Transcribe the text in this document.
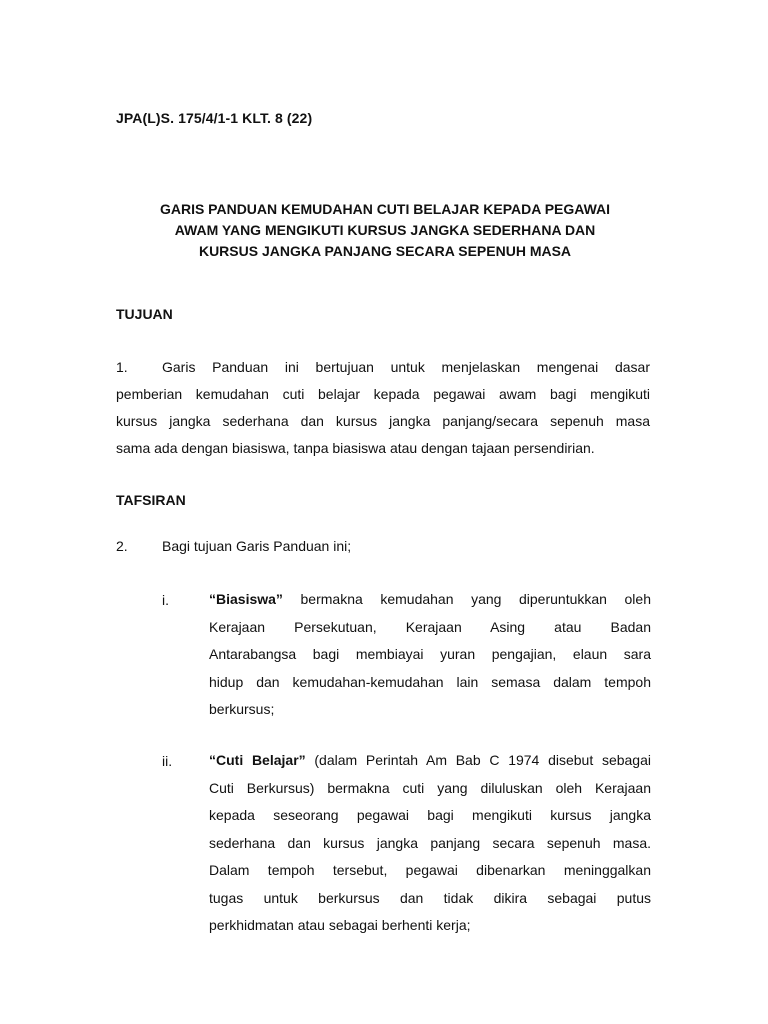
JPA(L)S. 175/4/1-1 KLT. 8 (22)
GARIS PANDUAN KEMUDAHAN CUTI BELAJAR KEPADA PEGAWAI
AWAM YANG MENGIKUTI KURSUS JANGKA SEDERHANA DAN
KURSUS JANGKA PANJANG SECARA SEPENUH MASA
TUJUAN
1.	Garis Panduan ini bertujuan untuk menjelaskan mengenai dasar
pemberian kemudahan cuti belajar kepada pegawai awam bagi mengikuti
kursus jangka sederhana dan kursus jangka panjang/secara sepenuh masa
sama ada dengan biasiswa, tanpa biasiswa atau dengan tajaan persendirian.
TAFSIRAN
2. Bagi tujuan Garis Panduan ini;
i.	“Biasiswa” bermakna kemudahan yang diperuntukkan oleh
Kerajaan Persekutuan, Kerajaan Asing atau Badan
Antarabangsa bagi membiayai yuran pengajian, elaun sara
hidup dan kemudahan-kemudahan lain semasa dalam tempoh
berkursus;
ii.	“Cuti Belajar” (dalam Perintah Am Bab C 1974 disebut sebagai
Cuti Berkursus) bermakna cuti yang diluluskan oleh Kerajaan
kepada seseorang pegawai bagi mengikuti kursus jangka
sederhana dan kursus jangka panjang secara sepenuh masa.
Dalam tempoh tersebut, pegawai dibenarkan meninggalkan
tugas untuk berkursus dan tidak dikira sebagai putus
perkhidmatan atau sebagai berhenti kerja;
